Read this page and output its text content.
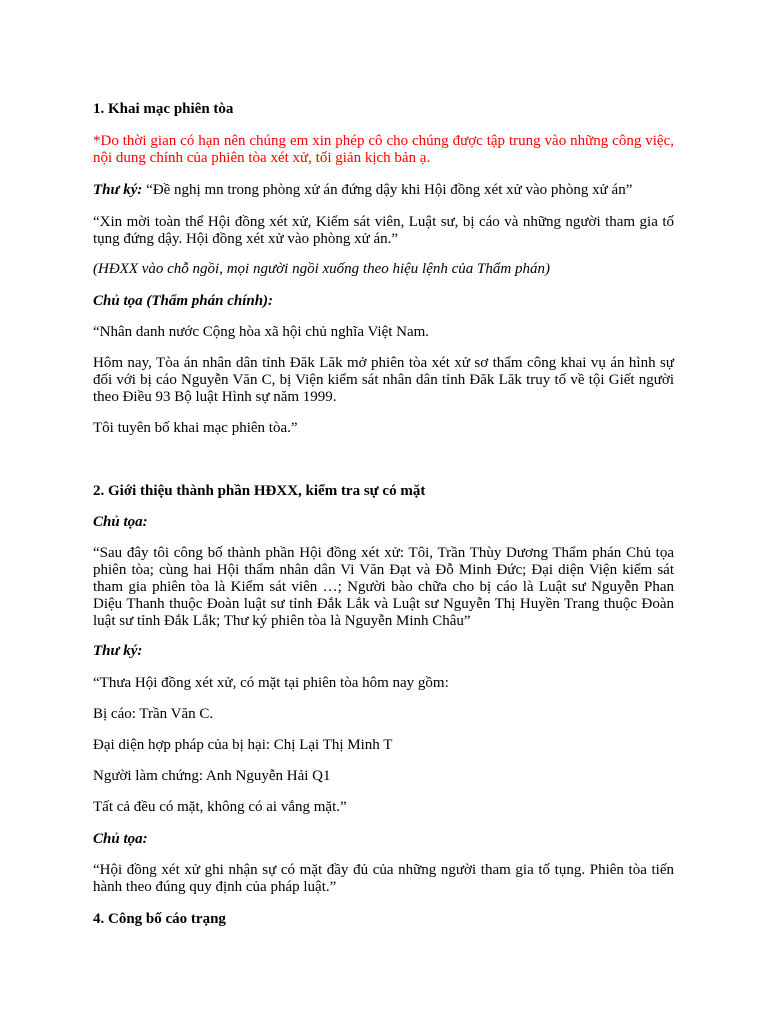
1. Khai mạc phiên tòa

*Do thời gian có hạn nên chúng em xin phép cô cho chúng được tập trung vào những công việc, nội dung chính của phiên tòa xét xử, tối giản kịch bản ạ.

Thư ký: “Đề nghị mn trong phòng xử án đứng dậy khi Hội đồng xét xử vào phòng xử án”

“Xin mời toàn thể Hội đồng xét xử, Kiểm sát viên, Luật sư, bị cáo và những người tham gia tố tụng đứng dậy. Hội đồng xét xử vào phòng xử án.”

(HĐXX vào chỗ ngồi, mọi người ngồi xuống theo hiệu lệnh của Thẩm phán)

Chủ tọa (Thẩm phán chính):

“Nhân danh nước Cộng hòa xã hội chủ nghĩa Việt Nam.

Hôm nay, Tòa án nhân dân tỉnh Đăk Lăk mở phiên tòa xét xử sơ thẩm công khai vụ án hình sự đối với bị cáo Nguyễn Văn C, bị Viện kiểm sát nhân dân tỉnh Đăk Lăk truy tố về tội Giết người theo Điều 93 Bộ luật Hình sự năm 1999.

Tôi tuyên bố khai mạc phiên tòa.”

2. Giới thiệu thành phần HĐXX, kiểm tra sự có mặt

Chủ tọa:

“Sau đây tôi công bố thành phần Hội đồng xét xử: Tôi, Trần Thùy Dương Thẩm phán Chủ tọa phiên tòa; cùng hai Hội thẩm nhân dân Vi Văn Đạt và Đỗ Minh Đức; Đại diện Viện kiểm sát tham gia phiên tòa là Kiểm sát viên …; Người bào chữa cho bị cáo là Luật sư Nguyễn Phan Diệu Thanh thuộc Đoàn luật sư tỉnh Đắk Lắk và Luật sư Nguyễn Thị Huyền Trang thuộc Đoàn luật sư tỉnh Đắk Lắk; Thư ký phiên tòa là Nguyễn Minh Châu”

Thư ký:

“Thưa Hội đồng xét xử, có mặt tại phiên tòa hôm nay gồm:

Bị cáo: Trần Văn C.

Đại diện hợp pháp của bị hại: Chị Lại Thị Minh T

Người làm chứng: Anh Nguyễn Hải Q1

Tất cả đều có mặt, không có ai vắng mặt.”

Chủ tọa:

“Hội đồng xét xử ghi nhận sự có mặt đầy đủ của những người tham gia tố tụng. Phiên tòa tiến hành theo đúng quy định của pháp luật.”

4. Công bố cáo trạng
